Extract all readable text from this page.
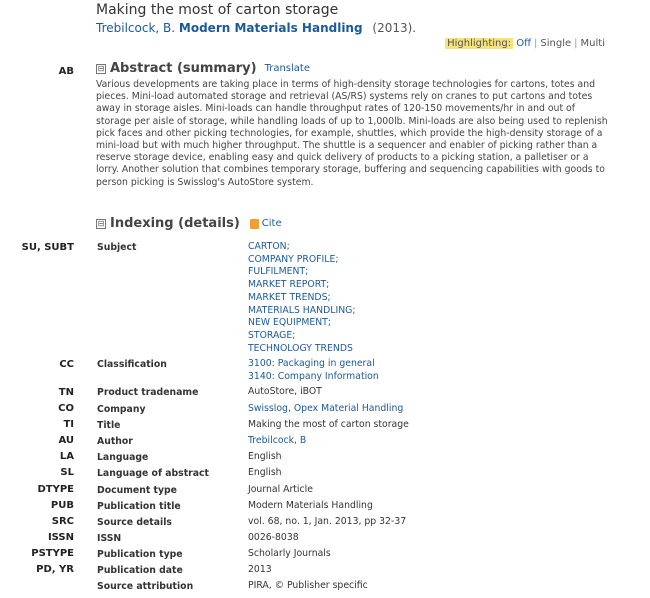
Making the most of carton storage
Trebilcock, B. Modern Materials Handling (2013).
Highlighting: Off | Single | Multi
AB	⊟ Abstract (summary) Translate
Various developments are taking place in terms of high-density storage technologies for cartons, totes and pieces. Mini-load automated storage and retrieval (AS/RS) systems rely on cranes to put cartons and totes away in storage aisles. Mini-loads can handle throughput rates of 120-150 movements/hr in and out of storage per aisle of storage, while handling loads of up to 1,000lb. Mini-loads are also being used to replenish pick faces and other picking technologies, for example, shuttles, which provide the high-density storage of a mini-load but with much higher throughput. The shuttle is a sequencer and enabler of picking rather than a reserve storage device, enabling easy and quick delivery of products to a picking station, a palletiser or a lorry. Another solution that combines temporary storage, buffering and sequencing capabilities with goods to person picking is Swisslog's AutoStore system.
⊟ Indexing (details) Cite
SU, SUBT Subject	CARTON;
COMPANY PROFILE;
FULFILMENT;
MARKET REPORT;
MARKET TRENDS;
MATERIALS HANDLING;
NEW EQUIPMENT;
STORAGE;
TECHNOLOGY TRENDS
CC Classification	3100: Packaging in general
3140: Company Information
TN Product tradename	AutoStore, iBOT
CO Company	Swisslog, Opex Material Handling
TI Title	Making the most of carton storage
AU Author	Trebilcock, B
LA Language	English
SL Language of abstract	English
DTYPE Document type	Journal Article
PUB Publication title	Modern Materials Handling
SRC Source details	vol. 68, no. 1, Jan. 2013, pp 32-37
ISSN ISSN	0026-8038
PSTYPE Publication type	Scholarly Journals
PD, YR Publication date	2013
Source attribution	PIRA, © Publisher specific
